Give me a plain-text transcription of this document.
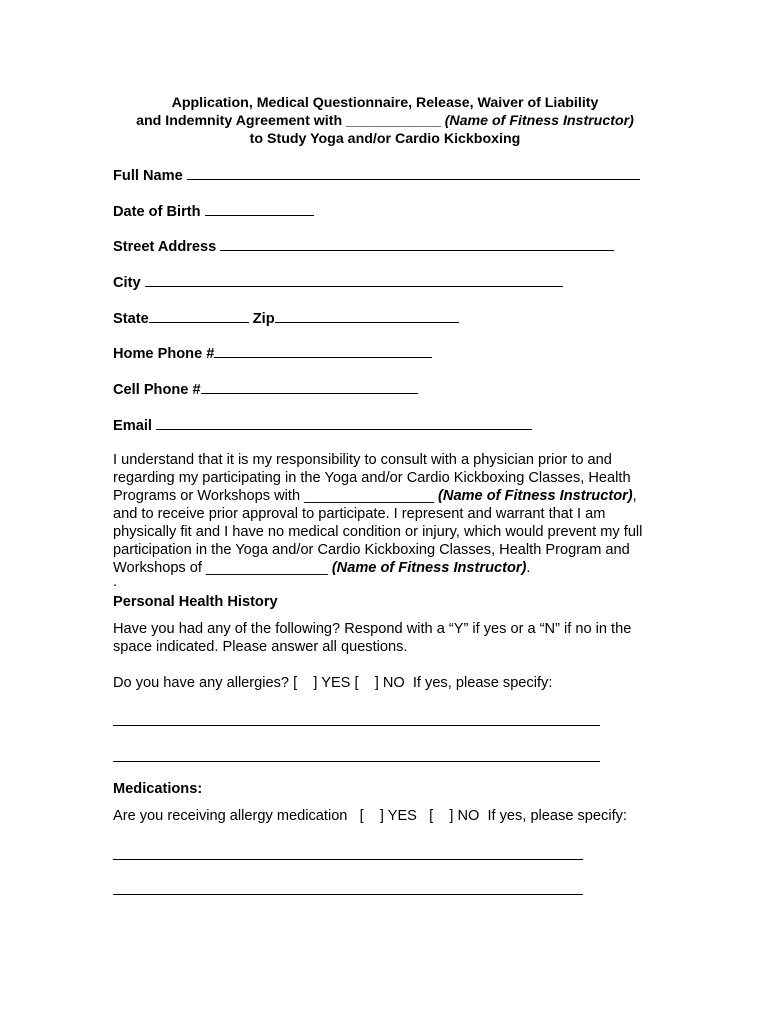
Application, Medical Questionnaire, Release, Waiver of Liability
and Indemnity Agreement with ____________ (Name of Fitness Instructor)
to Study Yoga and/or Cardio Kickboxing
Full Name
Date of Birth
Street Address
City
State	Zip
Home Phone #
Cell Phone #
Email
I understand that it is my responsibility to consult with a physician prior to and regarding my participating in the Yoga and/or Cardio Kickboxing Classes, Health Programs or Workshops with ________________ (Name of Fitness Instructor), and to receive prior approval to participate. I represent and warrant that I am physically fit and I have no medical condition or injury, which would prevent my full participation in the Yoga and/or Cardio Kickboxing Classes, Health Program and Workshops of _______________ (Name of Fitness Instructor).
.
Personal Health History
Have you had any of the following? Respond with a “Y” if yes or a “N” if no in the space indicated. Please answer all questions.
Do you have any allergies? [    ] YES [    ] NO  If yes, please specify:
Medications:
Are you receiving allergy medication   [    ] YES   [    ] NO  If yes, please specify:
